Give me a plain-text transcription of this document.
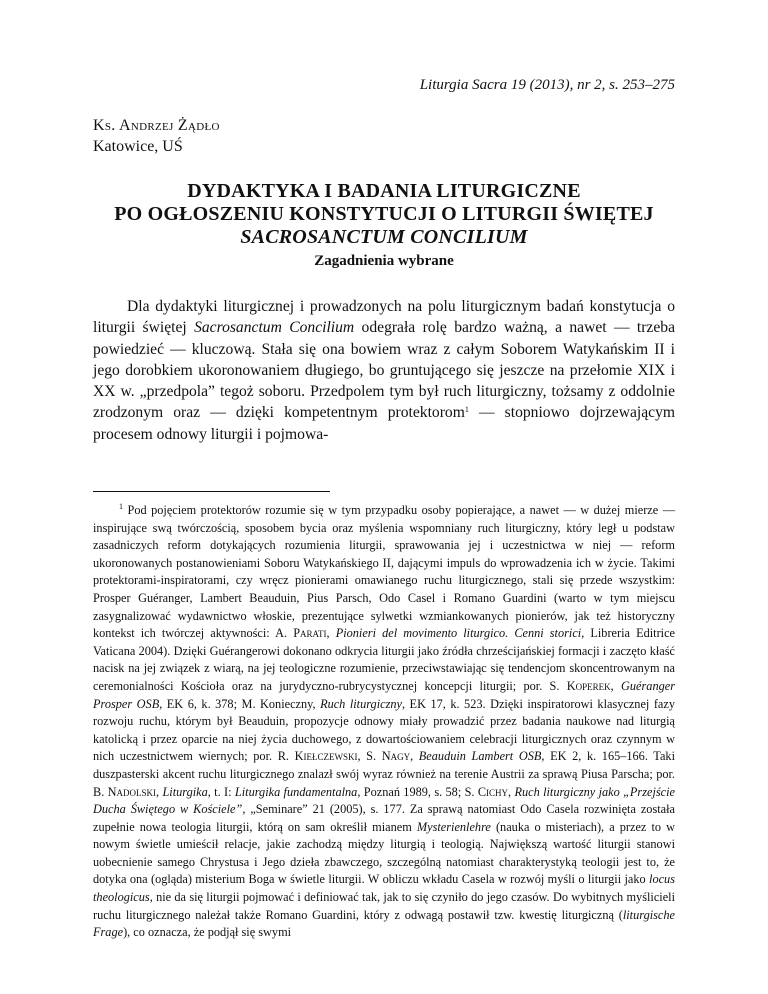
Liturgia Sacra 19 (2013), nr 2, s. 253–275
Ks. Andrzej Żądło
Katowice, UŚ
DYDAKTYKA I BADANIA LITURGICZNE
PO OGŁOSZENIU KONSTYTUCJI O LITURGII ŚWIĘTEJ
SACROSANCTUM CONCILIUM
Zagadnienia wybrane

Dla dydaktyki liturgicznej i prowadzonych na polu liturgicznym badań konstytucja o liturgii świętej Sacrosanctum Concilium odegrała rolę bardzo ważną, a nawet — trzeba powiedzieć — kluczową. Stała się ona bowiem wraz z całym Soborem Watykańskim II i jego dorobkiem ukoronowaniem długiego, bo gruntującego się jeszcze na przełomie XIX i XX w. „przedpola” tegoż soboru. Przedpolem tym był ruch liturgiczny, tożsamy z oddolnie zrodzonym oraz — dzięki kompetentnym protektorom$^1$ — stopniowo dojrzewającym procesem odnowy liturgii i pojmowa-

$^1$ Pod pojęciem protektorów rozumie się w tym przypadku osoby popierające, a nawet — w dużej mierze — inspirujące swą twórczością, sposobem bycia oraz myślenia wspomniany ruch liturgiczny, który legł u podstaw zasadniczych reform dotykających rozumienia liturgii, sprawowania jej i uczestnictwa w niej — reform ukoronowanych postanowieniami Soboru Watykańskiego II, dającymi impuls do wprowadzenia ich w życie. Takimi protektorami-inspiratorami, czy wręcz pionierami omawianego ruchu liturgicznego, stali się przede wszystkim: Prosper Guéranger, Lambert Beauduin, Pius Parsch, Odo Casel i Romano Guardini (warto w tym miejscu zasygnalizować wydawnictwo włoskie, prezentujące sylwetki wzmiankowanych pionierów, jak też historyczny kontekst ich twórczej aktywności: A. Parati, Pionieri del movimento liturgico. Cenni storici, Libreria Editrice Vaticana 2004). Dzięki Guérangerowi dokonano odkrycia liturgii jako źródła chrześcijańskiej formacji i zaczęto kłaść nacisk na jej związek z wiarą, na jej teologiczne rozumienie, przeciwstawiając się tendencjom skoncentrowanym na ceremonialności Kościoła oraz na jurydyczno-rubrycystycznej koncepcji liturgii; por. S. Koperek, Guéranger Prosper OSB, EK 6, k. 378; M. Konieczny, Ruch liturgiczny, EK 17, k. 523. Dzięki inspiratorowi klasycznej fazy rozwoju ruchu, którym był Beauduin, propozycje odnowy miały prowadzić przez badania naukowe nad liturgią katolicką i przez oparcie na niej życia duchowego, z dowartościowaniem celebracji liturgicznych oraz czynnym w nich uczestnictwem wiernych; por. R. Kiełczewski, S. Nagy, Beauduin Lambert OSB, EK 2, k. 165–166. Taki duszpasterski akcent ruchu liturgicznego znalazł swój wyraz również na terenie Austrii za sprawą Piusa Parscha; por. B. Nadolski, Liturgika, t. I: Liturgika fundamentalna, Poznań 1989, s. 58; S. Cichy, Ruch liturgiczny jako „Przejście Ducha Świętego w Kościele”, „Seminare” 21 (2005), s. 177. Za sprawą natomiast Odo Casela rozwinięta została zupełnie nowa teologia liturgii, którą on sam określił mianem Mysterienlehre (nauka o misteriach), a przez to w nowym świetle umieścił relacje, jakie zachodzą między liturgią i teologią. Największą wartość liturgii stanowi uobecnienie samego Chrystusa i Jego dzieła zbawczego, szczególną natomiast charakterystyką teologii jest to, że dotyka ona (ogląda) misterium Boga w świetle liturgii. W obliczu wkładu Casela w rozwój myśli o liturgii jako locus theologicus, nie da się liturgii pojmować i definiować tak, jak to się czyniło do jego czasów. Do wybitnych myślicieli ruchu liturgicznego należał także Romano Guardini, który z odwagą postawił tzw. kwestię liturgiczną (liturgische Frage), co oznacza, że podjął się swymi
